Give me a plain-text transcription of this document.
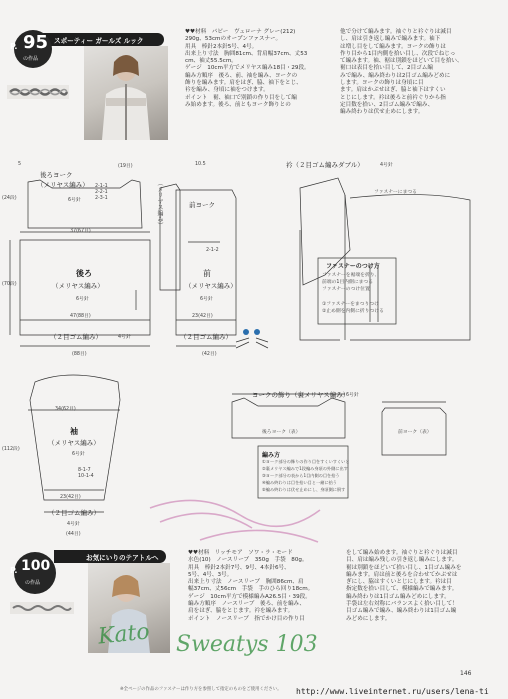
スポーティー ガールズ ルック
P. 95
の作品
♥♥材料　パピー　ヴェローナ グレー(212)
290g、53cmのオープンファスナー。
用具　棒針2本針5号、4号。
出来上り寸法　胸囲81cm、背肩幅37cm、丈53
cm、袖丈55.5cm。
ゲージ　10cm平方でメリヤス編み18目・29段。
編み方順序　後ろ、前、袖を編み、ヨークの
飾りを編みます。肩をはぎ、脇、袖下をとじ、
衿を編み、身頃に袖をつけます。
ポイント　裾、袖口で別鎖の作り目をして編
み始めます。後ろ、前ともヨーク飾りとの
他で分けて編みます。袖ぐりと衿ぐりは減目
し、肩は引き返し編みで編みます。袖下
は増し目をして編みます。ヨークの飾りは
作り目から1目内側を拾い目し、次段でねじっ
て編みます。袖、裾は別鎖をほどいて目を拾い、
裾口は表目を拾い目して、2目ゴム編
みで編み、編み終わりは2目ゴム編みどめに
します。ヨークの飾りは身頃に目
ます。肩はかぶせはぎ、脇と袖下はすくい
とじにします。衿は後ろと前衿ぐりから指
定目数を拾い、2目ゴム編みで編み、
編み終わりは伏せ止めにします。
後ろヨーク
（メリヤス編み）
6号針
37(67目)
後ろ
（メリヤス編み）
6号針
47(88目)
（２目ゴム編み）	4号針
(88目)
5	(19目)
(24段)
(70段)
前
（メリヤス編み）
6号針
23(42目)
（２目ゴム編み）
(42目)
前ヨーク
10.5
（メリヤス編み）
袖
（メリヤス編み）
6号針
34(62目)
23(42目)
（２目ゴム編み）
4号針
(44目)
(112段)
2-1-1
2-2-1
2-3-1
2-1-2
8-1-7
10-1-4
衿（２目ゴム編みダブル）	4号針
ファスナーにまつる
ファスナーのつけ方
ファスナーを裾端を折り、
前端の1目内側にまつる
ファスナーのつけ位置
①ファスナーをまつりつけ
②止め側を内側に折りつける
ヨークの飾り（裏メリヤス編み）
6号針
後ろヨーク（表）	前ヨーク（表）
編み方
①ヨーク部分の飾りの作り目をすくいすくいと
②裏メリヤス編みで1段編み身頃の外側に出す
③ヨーク部分の表から1目内側の目を拾う
④編み終わりは目を拾い目と一緒に拾う
⑤編み終わりは伏せ止めにし、身頃側に倒す
お気にいりのテアトルへ
P. 100
の作品
♥♥材料　リッチモア　ソワ・ラ・モード
水色(10)　ノースリーブ　350g　手袋　80g。
用具　棒針2本針7号、9号、4本針6号、
5号、4号、3号。
出来上り寸法　ノースリーブ　胸囲86cm、肩
幅37cm、丈56cm　手袋　手のひら回り18cm。
ゲージ　10cm平方で模様編みA26.5目・39段。
編み方順序　ノースリーブ　後ろ、前を編み、
肩をはぎ、脇をとじます。衿を編みます。
ポイント　ノースリーブ　指でかけ目の作り目
をして編み始めます。袖ぐりと衿ぐりは減目
目、肩は編み残しの引き返し編みにします。
裾は別鎖をほどいて拾い目し、1目ゴム編みを
編みます。肩は前と後ろを合わせてかぶせは
ぎにし、脇はすくいとじにします。衿は目
指定数を拾い目して、模様編みで編みます。
編み終わりは1目ゴム編みどめにします。
手袋は左右対称にバランスよく拾い目して！
目ゴム編みで編み、編み終わりは1目ゴム編
みどめにします。
Kato Sweatys 103
146
※全ページの作品のファスナーは作り方を参照して指定のものをご使用ください。 http://www.liveinternet.ru/users/lena-ti
